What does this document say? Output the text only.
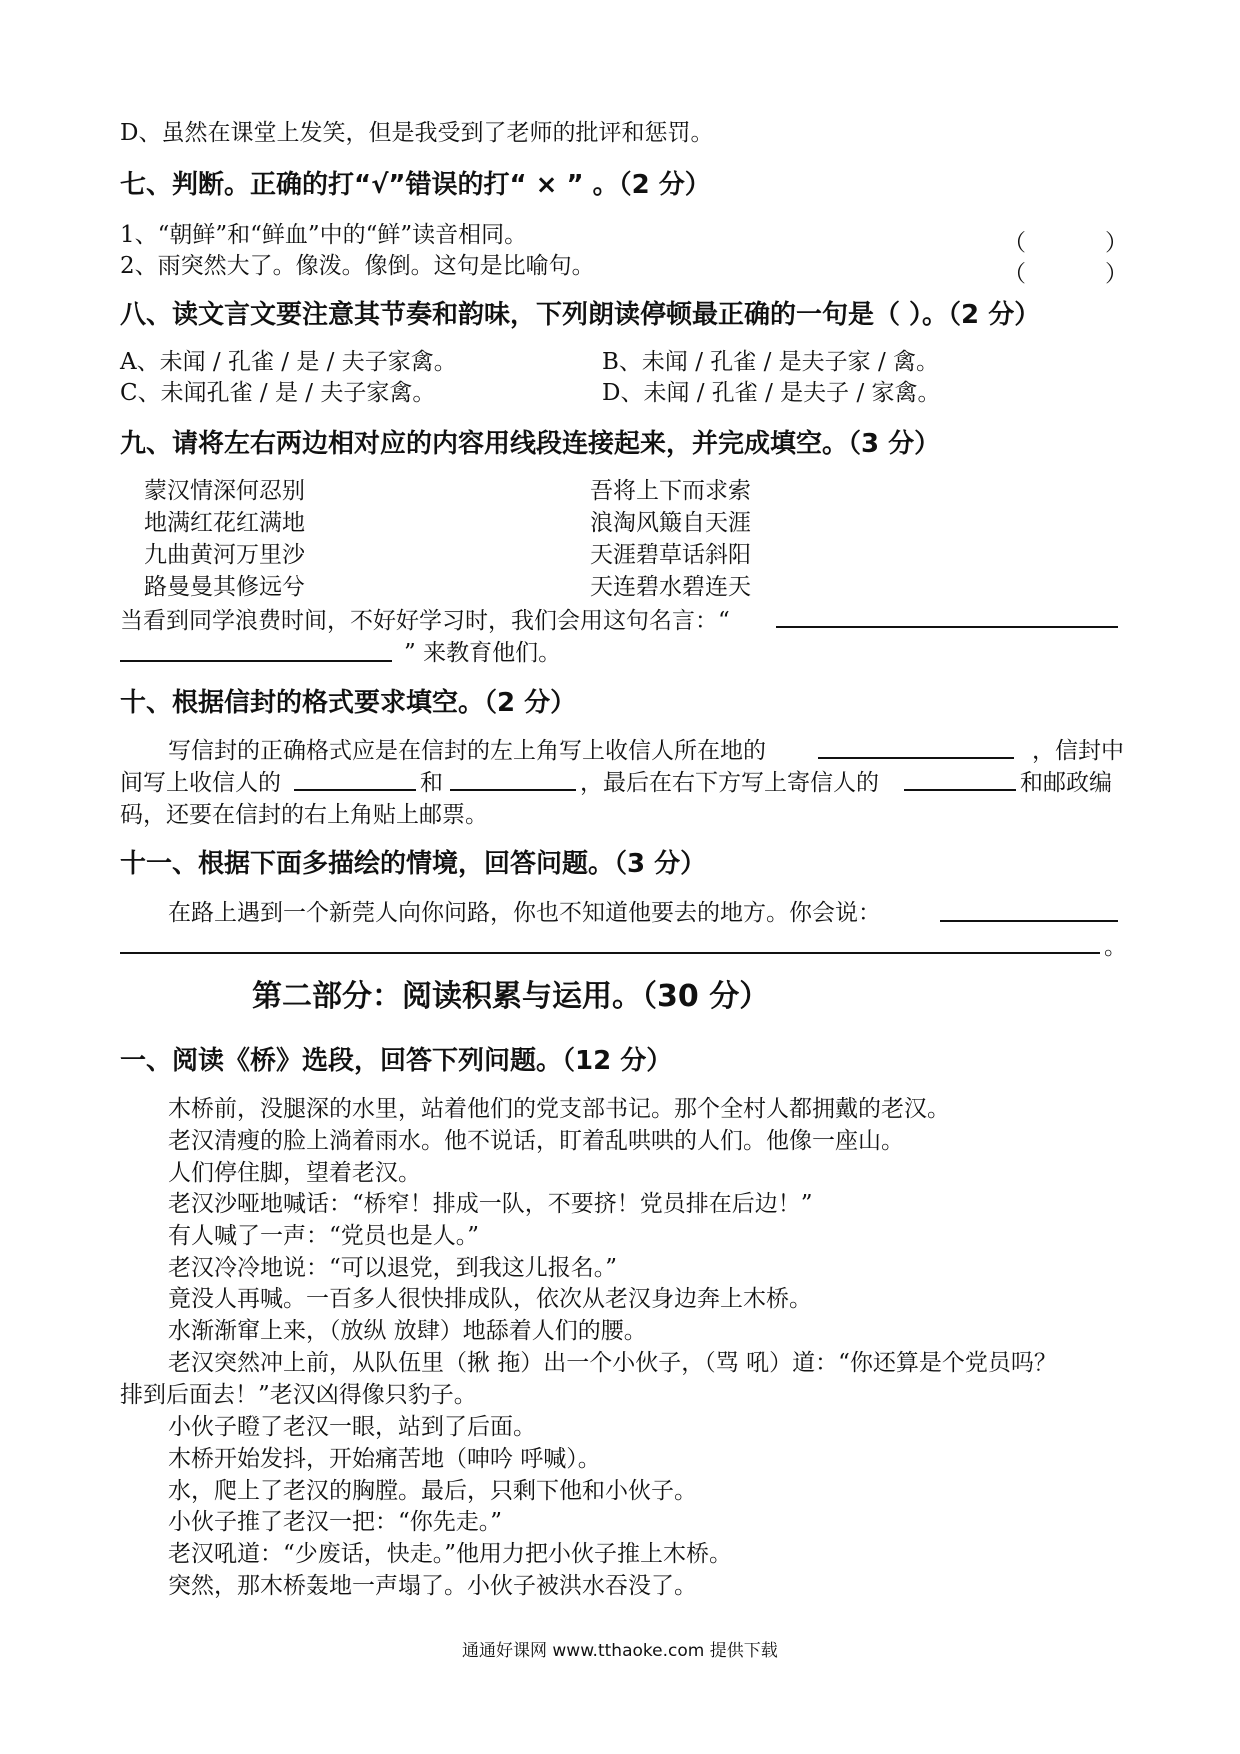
D、虽然在课堂上发笑，但是我受到了老师的批评和惩罚。
七、判断。正确的打“√”错误的打“ × ” 。（2 分）
1、“朝鲜”和“鲜血”中的“鲜”读音相同。	（	）
2、雨突然大了。像泼。像倒。这句是比喻句。	（	）
八、读文言文要注意其节奏和韵味，下列朗读停顿最正确的一句是（ ）。（2 分）
A、未闻 / 孔雀 / 是 / 夫子家禽。	B、未闻 / 孔雀 / 是夫子家 / 禽。
C、未闻孔雀 / 是 / 夫子家禽。	D、未闻 / 孔雀 / 是夫子 / 家禽。
九、请将左右两边相对应的内容用线段连接起来，并完成填空。（3 分）
蒙汉情深何忍别	吾将上下而求索
地满红花红满地	浪淘风簸自天涯
九曲黄河万里沙	天涯碧草话斜阳
路曼曼其修远兮	天连碧水碧连天
当看到同学浪费时间，不好好学习时，我们会用这句名言：“
” 来教育他们。
十、根据信封的格式要求填空。（2 分）
写信封的正确格式应是在信封的左上角写上收信人所在地的	，信封中
间写上收信人的	和	，最后在右下方写上寄信人的	和邮政编
码，还要在信封的右上角贴上邮票。
十一、根据下面多描绘的情境，回答问题。（3 分）
在路上遇到一个新莞人向你问路，你也不知道他要去的地方。你会说：
。
第二部分：阅读积累与运用。（30 分）
一、阅读《桥》选段，回答下列问题。（12 分）
木桥前，没腿深的水里，站着他们的党支部书记。那个全村人都拥戴的老汉。
老汉清瘦的脸上淌着雨水。他不说话，盯着乱哄哄的人们。他像一座山。
人们停住脚，望着老汉。
老汉沙哑地喊话：“桥窄！排成一队，不要挤！党员排在后边！”
有人喊了一声：“党员也是人。”
老汉冷冷地说：“可以退党，到我这儿报名。”
竟没人再喊。一百多人很快排成队，依次从老汉身边奔上木桥。
水渐渐窜上来，（放纵 放肆）地舔着人们的腰。
老汉突然冲上前，从队伍里（揪 拖）出一个小伙子，（骂 吼）道：“你还算是个党员吗？
排到后面去！”老汉凶得像只豹子。
小伙子瞪了老汉一眼，站到了后面。
木桥开始发抖，开始痛苦地（呻吟 呼喊）。
水，爬上了老汉的胸膛。最后，只剩下他和小伙子。
小伙子推了老汉一把：“你先走。”
老汉吼道：“少废话，快走。”他用力把小伙子推上木桥。
突然，那木桥轰地一声塌了。小伙子被洪水吞没了。
通通好课网 www.tthaoke.com 提供下载
